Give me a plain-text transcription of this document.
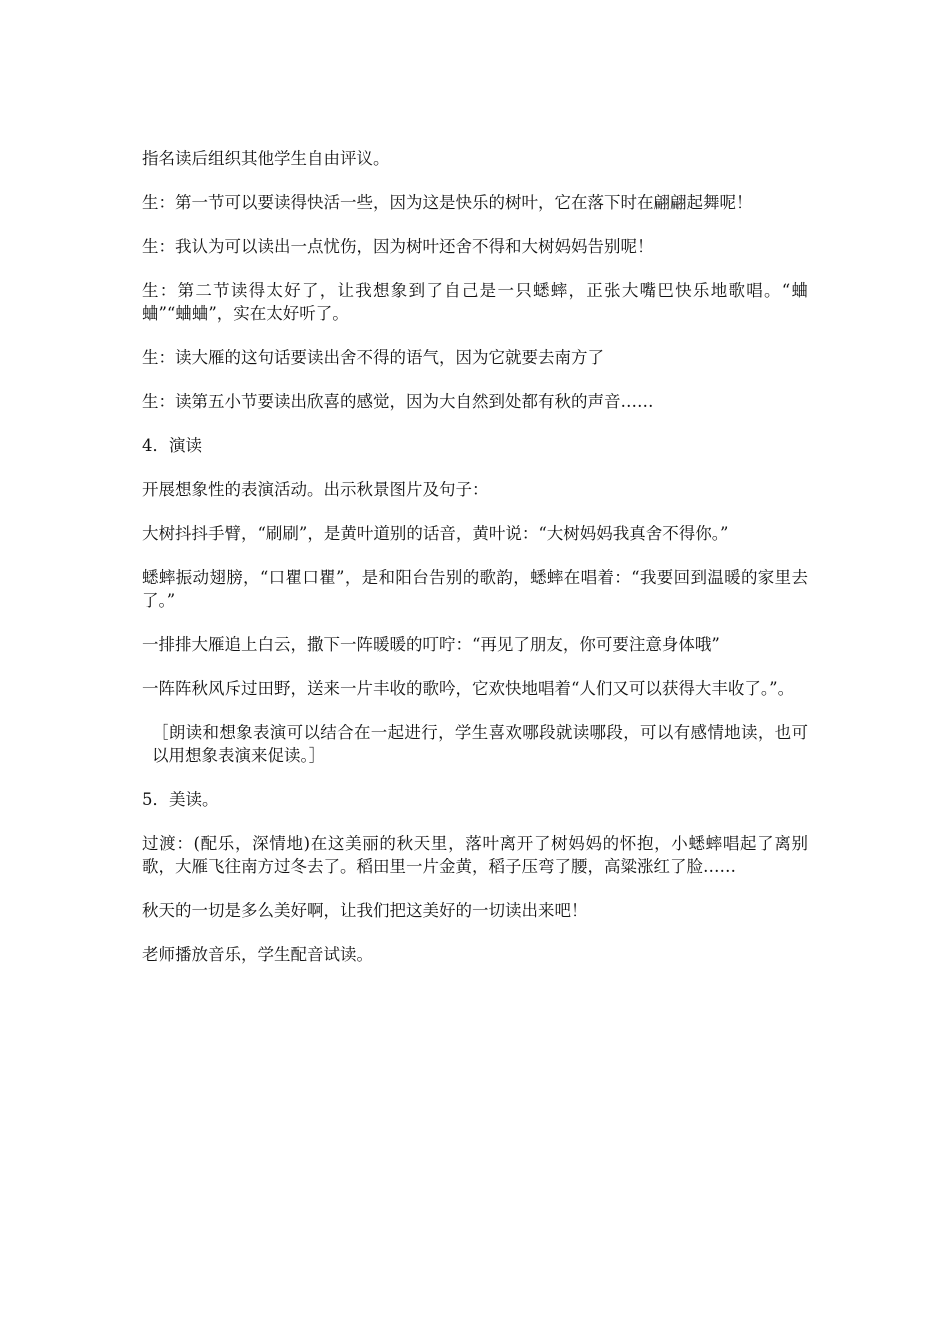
指名读后组织其他学生自由评议。

生：第一节可以要读得快活一些，因为这是快乐的树叶，它在落下时在翩翩起舞呢！

生：我认为可以读出一点忧伤，因为树叶还舍不得和大树妈妈告别呢！

生：第二节读得太好了，让我想象到了自己是一只蟋蟀，正张大嘴巴快乐地歌唱。“蛐蛐”“蛐蛐”，实在太好听了。

生：读大雁的这句话要读出舍不得的语气，因为它就要去南方了

生：读第五小节要读出欣喜的感觉，因为大自然到处都有秋的声音……

4．演读

开展想象性的表演活动。出示秋景图片及句子：

大树抖抖手臂，“刷刷”，是黄叶道别的话音，黄叶说：“大树妈妈我真舍不得你。”

蟋蟀振动翅膀，“口瞿口瞿”，是和阳台告别的歌韵，蟋蟀在唱着：“我要回到温暖的家里去了。”

一排排大雁追上白云，撒下一阵暖暖的叮咛：“再见了朋友，你可要注意身体哦”

一阵阵秋风斥过田野，送来一片丰收的歌吟，它欢快地唱着“人们又可以获得大丰收了。”。

［朗读和想象表演可以结合在一起进行，学生喜欢哪段就读哪段，可以有感情地读，也可以用想象表演来促读。］

5．美读。

过渡：(配乐，深情地)在这美丽的秋天里，落叶离开了树妈妈的怀抱，小蟋蟀唱起了离别歌，大雁飞往南方过冬去了。稻田里一片金黄，稻子压弯了腰，高粱涨红了脸……

秋天的一切是多么美好啊，让我们把这美好的一切读出来吧！

老师播放音乐，学生配音试读。
